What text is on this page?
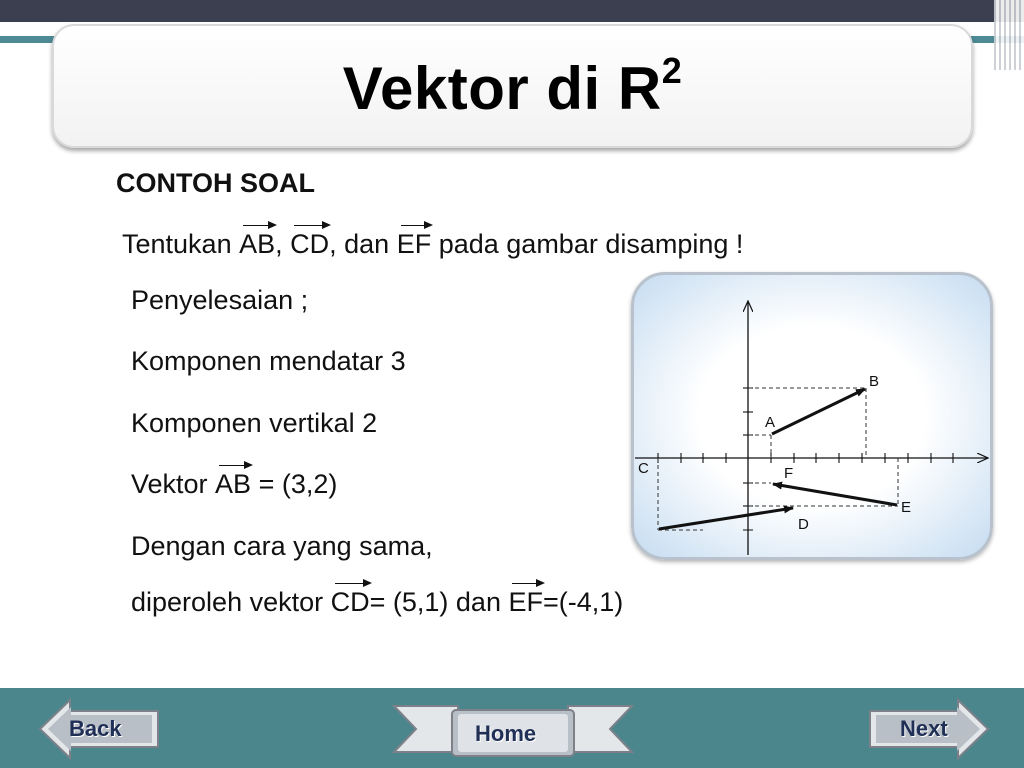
Vektor di $R^2$
CONTOH SOAL
Tentukan
AB,
CD, dan
EF pada gambar disamping !
Penyelesaian ;
Komponen mendatar 3
Komponen vertikal 2
Vektor
AB = (3,2)
Dengan cara yang sama,
diperoleh vektor
CD= (5,1) dan
EF=(-4,1)
B
A
C	F
E
D
Back	Home	Next
